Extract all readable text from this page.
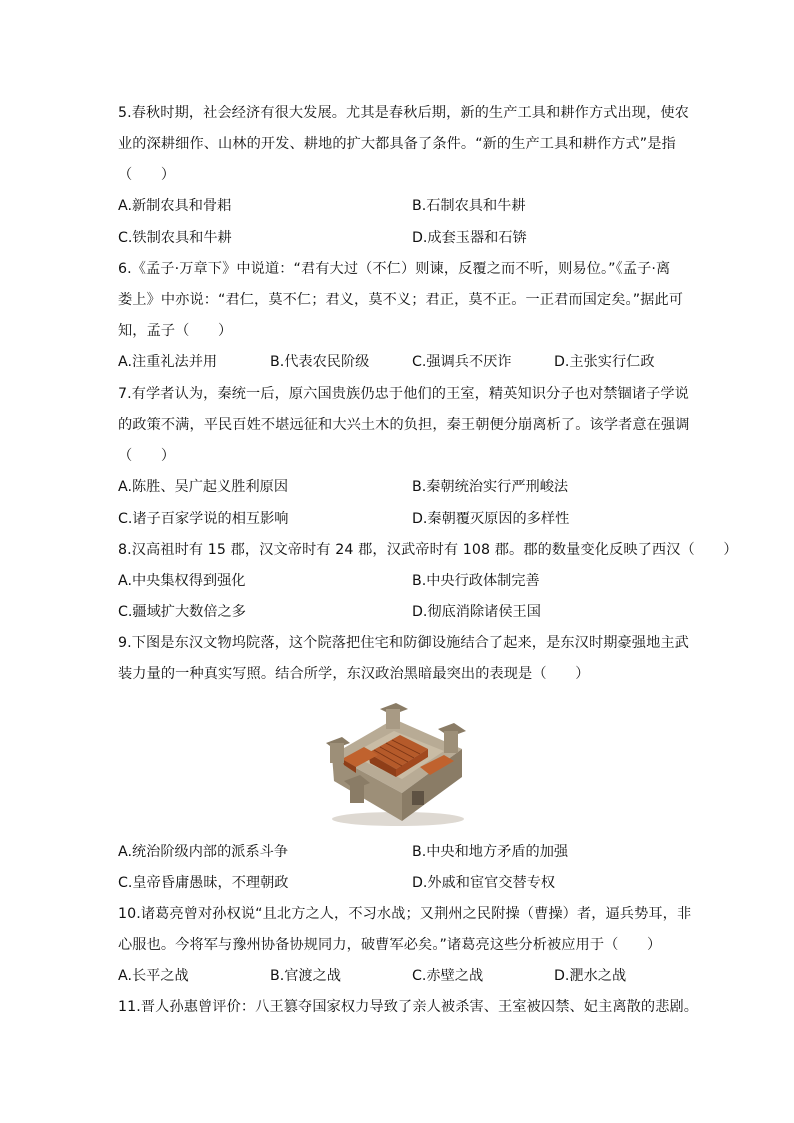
5.春秋时期，社会经济有很大发展。尤其是春秋后期，新的生产工具和耕作方式出现，使农
业的深耕细作、山林的开发、耕地的扩大都具备了条件。“新的生产工具和耕作方式”是指
（　　）
A.新制农具和骨耜	B.石制农具和牛耕
C.铁制农具和牛耕	D.成套玉器和石锛
6.《孟子·万章下》中说道：“君有大过（不仁）则谏，反覆之而不听，则易位。”《孟子·离
娄上》中亦说：“君仁，莫不仁；君义，莫不义；君正，莫不正。一正君而国定矣。”据此可
知，孟子（　　）
A.注重礼法并用	B.代表农民阶级	C.强调兵不厌诈	D.主张实行仁政
7.有学者认为，秦统一后，原六国贵族仍忠于他们的王室，精英知识分子也对禁锢诸子学说
的政策不满，平民百姓不堪远征和大兴土木的负担，秦王朝便分崩离析了。该学者意在强调
（　　）
A.陈胜、吴广起义胜利原因	B.秦朝统治实行严刑峻法
C.诸子百家学说的相互影响	D.秦朝覆灭原因的多样性
8.汉高祖时有 15 郡，汉文帝时有 24 郡，汉武帝时有 108 郡。郡的数量变化反映了西汉（　　）
A.中央集权得到强化	B.中央行政体制完善
C.疆域扩大数倍之多	D.彻底消除诸侯王国
9.下图是东汉文物坞院落，这个院落把住宅和防御设施结合了起来，是东汉时期豪强地主武
装力量的一种真实写照。结合所学，东汉政治黑暗最突出的表现是（　　）
A.统治阶级内部的派系斗争	B.中央和地方矛盾的加强
C.皇帝昏庸愚昧，不理朝政	D.外戚和宦官交替专权
10.诸葛亮曾对孙权说“且北方之人，不习水战；又荆州之民附操（曹操）者，逼兵势耳，非
心服也。今将军与豫州协备协规同力，破曹军必矣。”诸葛亮这些分析被应用于（　　）
A.长平之战	B.官渡之战	C.赤壁之战	D.淝水之战
11.晋人孙惠曾评价：八王篡夺国家权力导致了亲人被杀害、王室被囚禁、妃主离散的悲剧。
